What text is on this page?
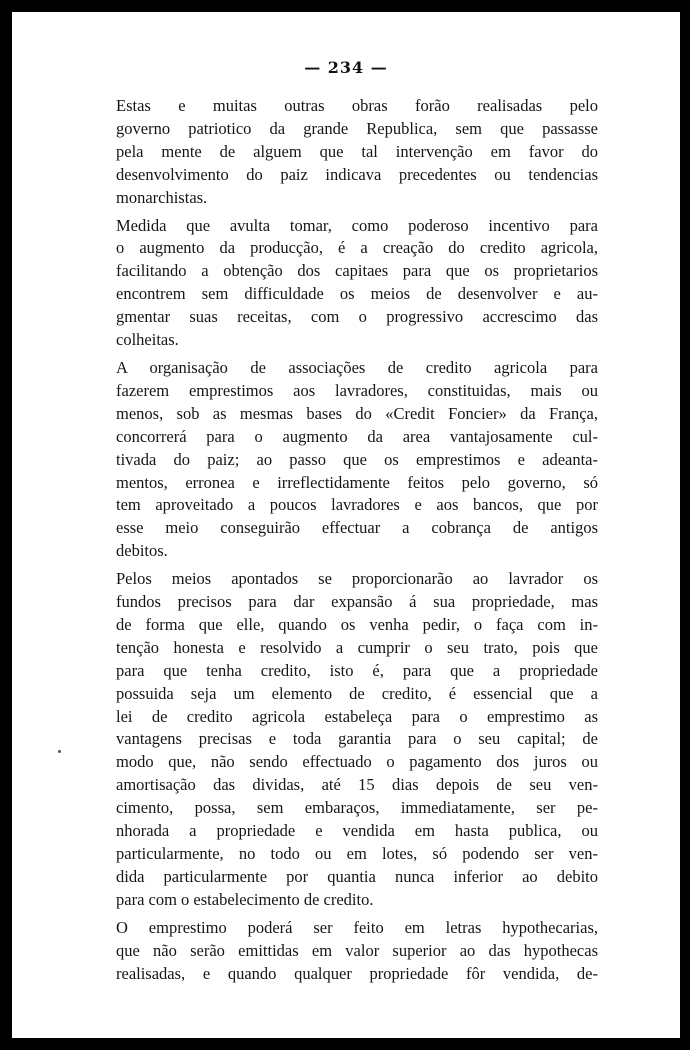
— 234 —

Estas e muitas outras obras forão realisadas pelo
governo patriotico da grande Republica, sem que passasse
pela mente de alguem que tal intervenção em favor do
desenvolvimento do paiz indicava precedentes ou tendencias
monarchistas.

Medida que avulta tomar, como poderoso incentivo para
o augmento da producção, é a creação do credito agricola,
facilitando a obtenção dos capitaes para que os proprietarios
encontrem sem difficuldade os meios de desenvolver e au-
gmentar suas receitas, com o progressivo accrescimo das
colheitas.

A organisação de associações de credito agricola para
fazerem emprestimos aos lavradores, constituidas, mais ou
menos, sob as mesmas bases do «Credit Foncier» da França,
concorrerá para o augmento da area vantajosamente cul-
tivada do paiz; ao passo que os emprestimos e adeanta-
mentos, erronea e irreflectidamente feitos pelo governo, só
tem aproveitado a poucos lavradores e aos bancos, que por
esse meio conseguirão effectuar a cobrança de antigos
debitos.

Pelos meios apontados se proporcionarão ao lavrador os
fundos precisos para dar expansão á sua propriedade, mas
de forma que elle, quando os venha pedir, o faça com in-
tenção honesta e resolvido a cumprir o seu trato, pois que
para que tenha credito, isto é, para que a propriedade
possuida seja um elemento de credito, é essencial que a
lei de credito agricola estabeleça para o emprestimo as
vantagens precisas e toda garantia para o seu capital; de
modo que, não sendo effectuado o pagamento dos juros ou
amortisação das dividas, até 15 dias depois de seu ven-
cimento, possa, sem embaraços, immediatamente, ser pe-
nhorada a propriedade e vendida em hasta publica, ou
particularmente, no todo ou em lotes, só podendo ser ven-
dida particularmente por quantia nunca inferior ao debito
para com o estabelecimento de credito.

O emprestimo poderá ser feito em letras hypothecarias,
que não serão emittidas em valor superior ao das hypothecas
realisadas, e quando qualquer propriedade fôr vendida, de-
